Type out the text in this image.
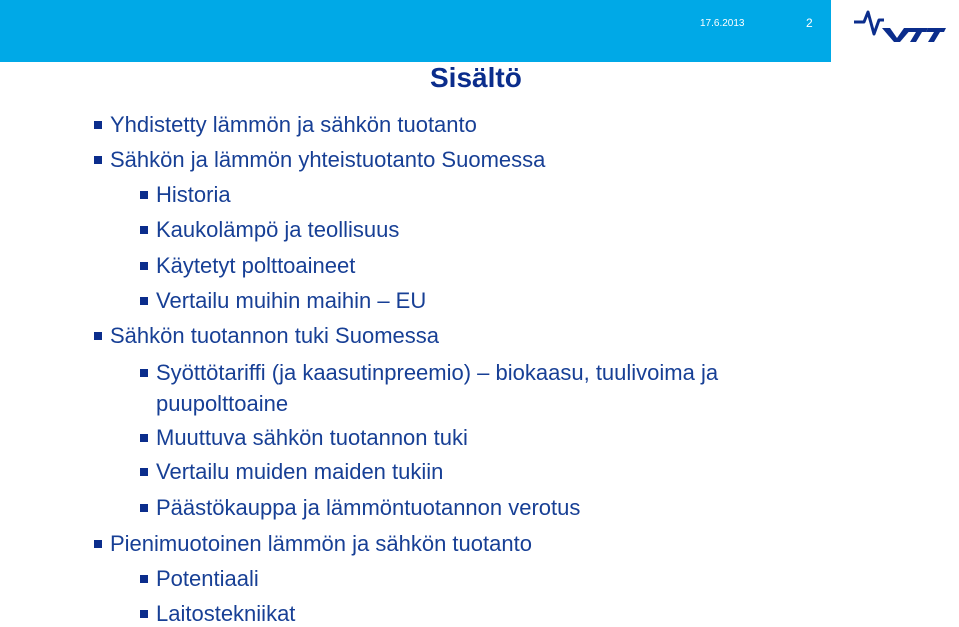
17.6.2013	2
Sisältö
Yhdistetty lämmön ja sähkön tuotanto
Sähkön ja lämmön yhteistuotanto Suomessa
Historia
Kaukolämpö ja teollisuus
Käytetyt polttoaineet
Vertailu muihin maihin – EU
Sähkön tuotannon tuki Suomessa
Syöttötariffi (ja kaasutinpreemio) – biokaasu, tuulivoima ja
puupolttoaine
Muuttuva sähkön tuotannon tuki
Vertailu muiden maiden tukiin
Päästökauppa ja lämmöntuotannon verotus
Pienimuotoinen lämmön ja sähkön tuotanto
Potentiaali
Laitostekniikat
